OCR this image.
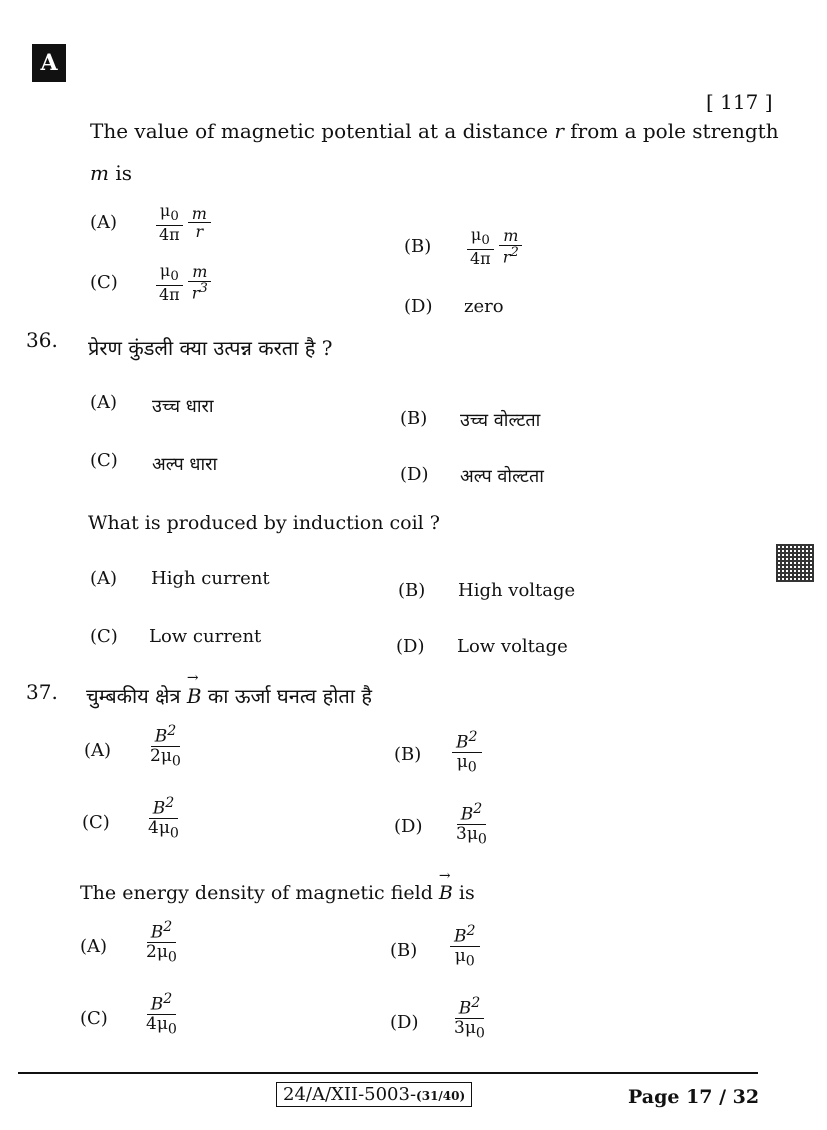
A
[ 117 ]
The value of magnetic potential at a distance r from a pole strength
m is
$(A) \frac{\mu_0}{4\pi} \frac{m}{r}$
$(B) \frac{\mu_0}{4\pi} \frac{m}{r^2}$
$(C) \frac{\mu_0}{4\pi} \frac{m}{r^3}$
(D) zero
36. प्रेरण कुंडली क्या उत्पन्न करता है ?
(A) उच्च धारा
(B) उच्च वोल्टता
(C) अल्प धारा	(D) अल्प वोल्टता
What is produced by induction coil ?
(A) High current
(B) High voltage
(C) Low current	(D) Low voltage
37. चुम्बकीय क्षेत्र → B का ऊर्जा घनत्व होता है
$(A) \frac{B^2}{2\mu_0}$	$(B) \frac{B^2}{\mu_0}$
$(C) \frac{B^2}{4\mu_0}$	$(D) \frac{B^2}{3\mu_0}$
The energy density of magnetic field → B is
$(A) \frac{B^2}{2\mu_0}$	$(B) \frac{B^2}{\mu_0}$
$(C) \frac{B^2}{4\mu_0}$	$(D) \frac{B^2}{3\mu_0}$
24/A/XII-5003-(31/40)	Page 17 / 32
